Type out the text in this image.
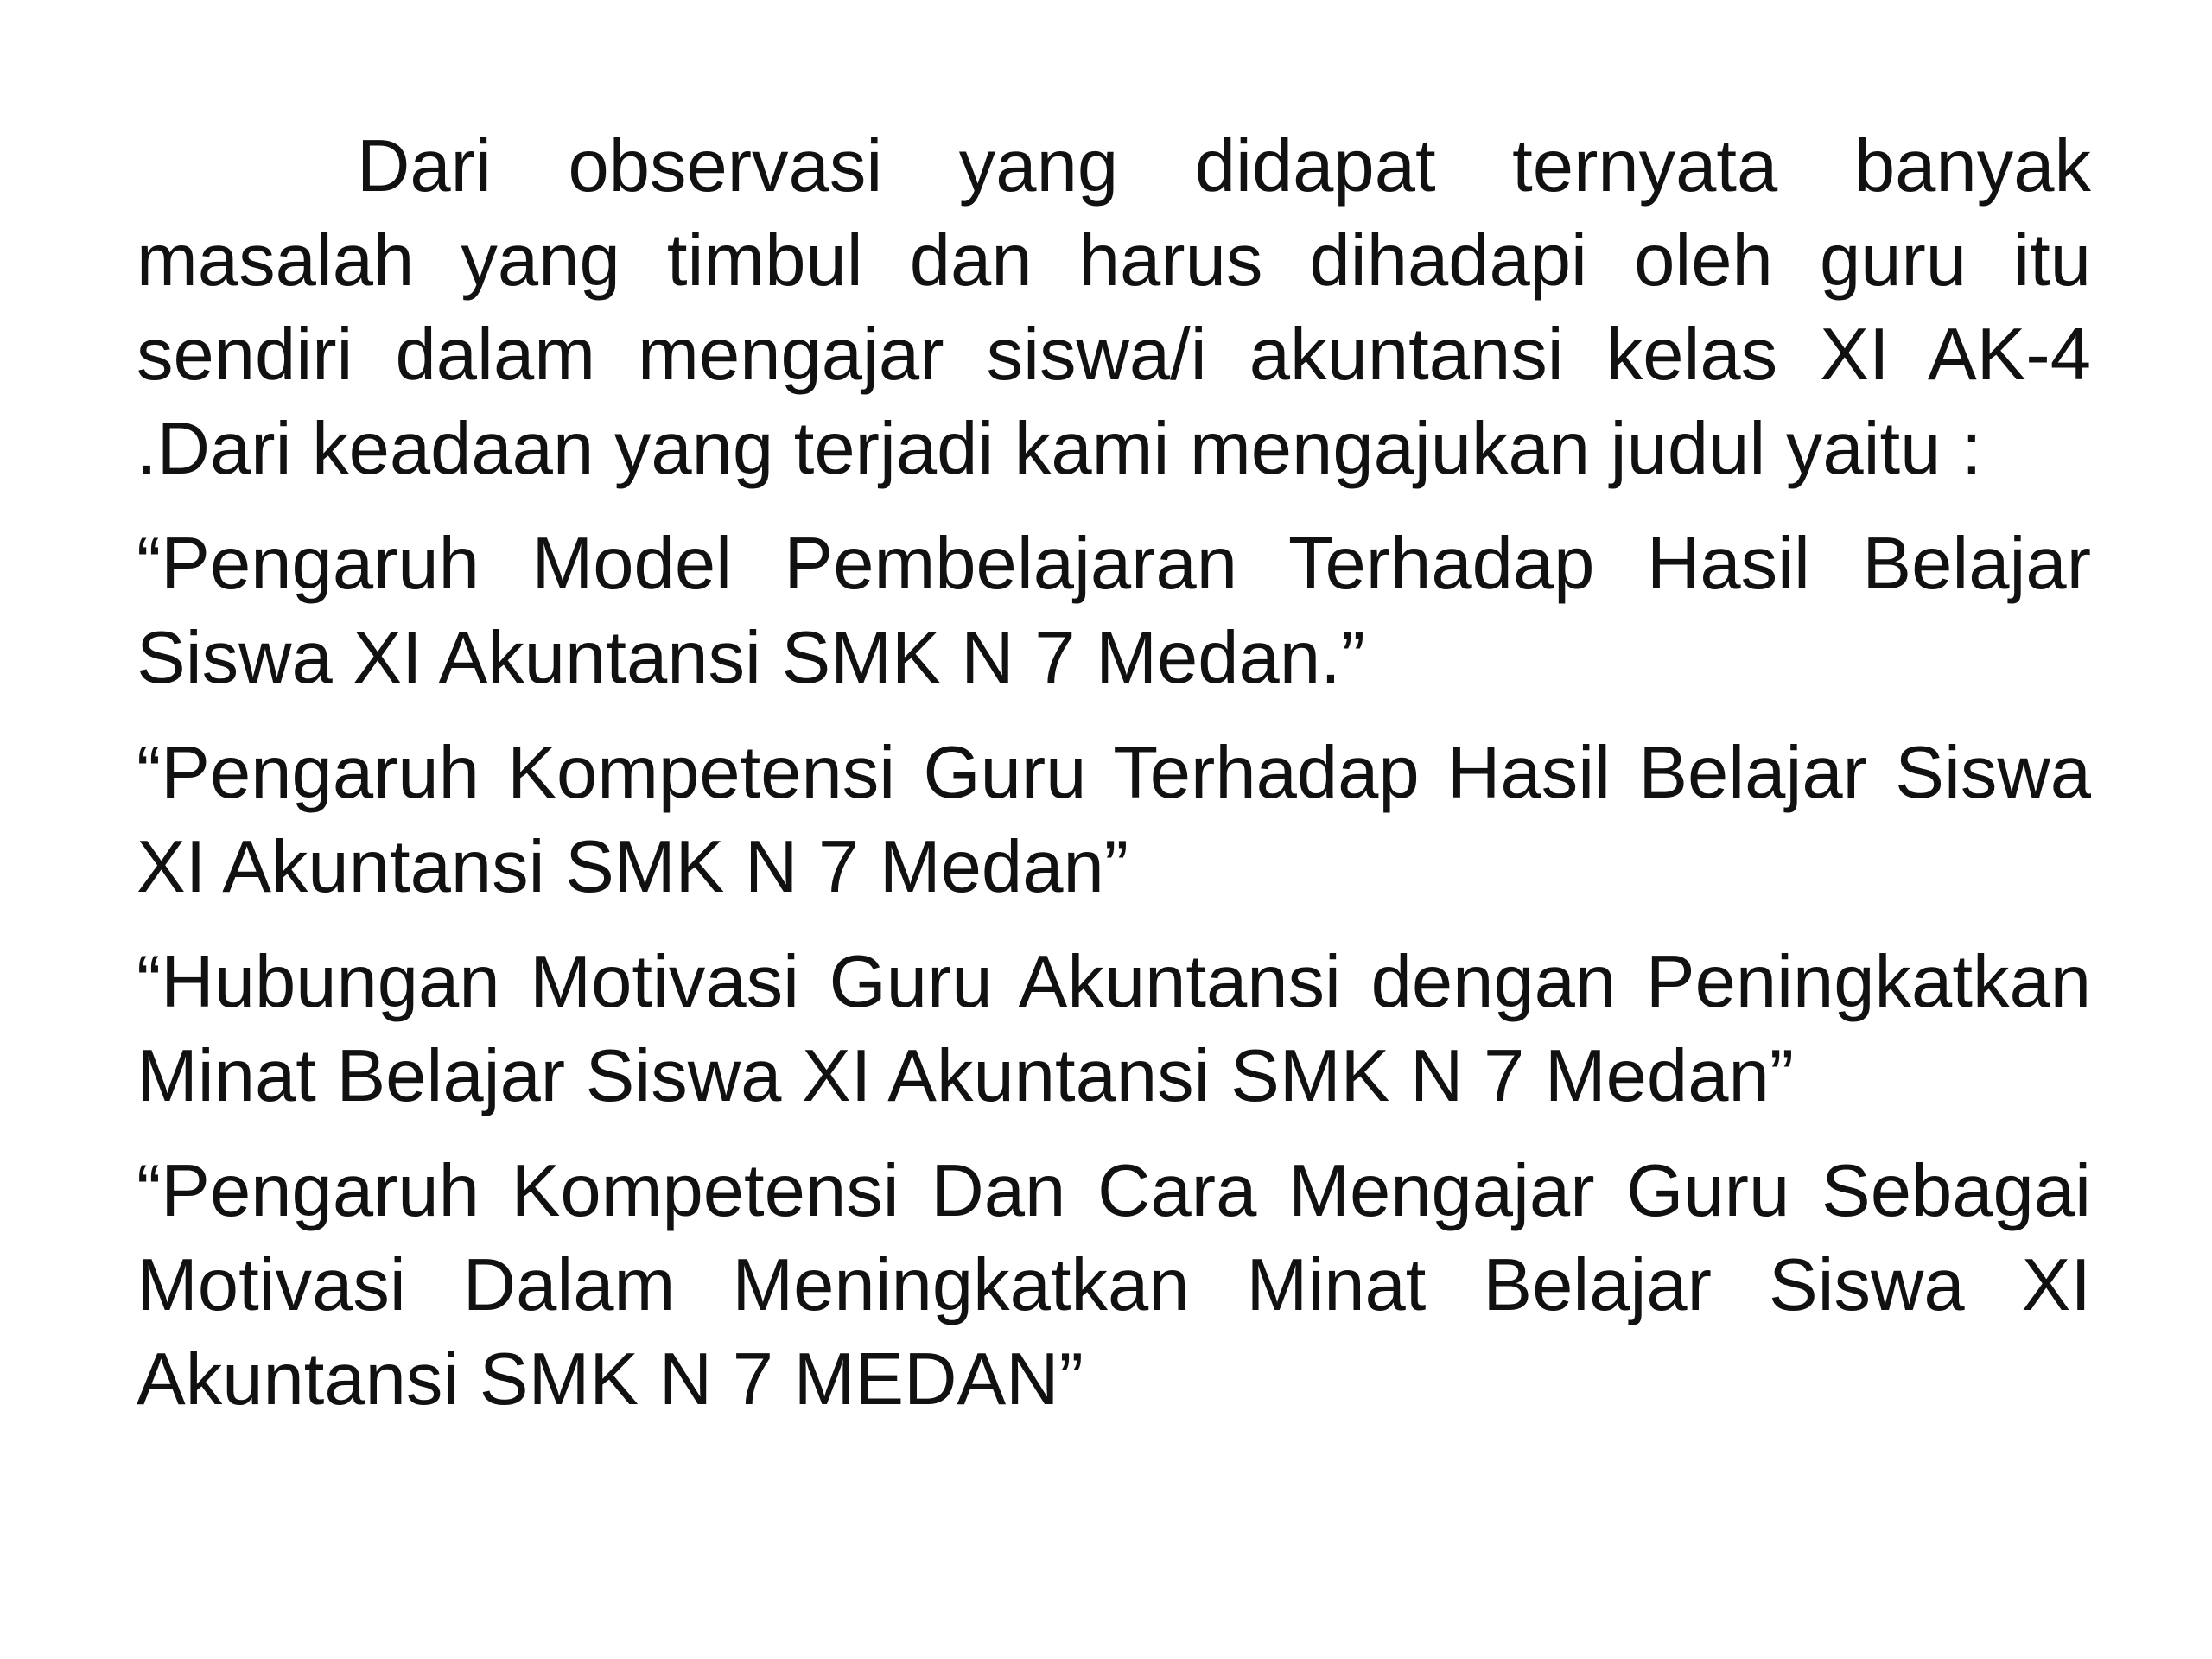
Dari observasi yang didapat ternyata banyak masalah yang timbul dan harus dihadapi oleh guru itu sendiri dalam mengajar siswa/i akuntansi kelas XI AK-4 .Dari keadaan yang terjadi kami mengajukan judul yaitu :

“Pengaruh Model Pembelajaran Terhadap Hasil Belajar Siswa XI Akuntansi SMK N 7 Medan.”

“Pengaruh Kompetensi Guru Terhadap Hasil Belajar Siswa XI Akuntansi SMK N 7 Medan”

“Hubungan Motivasi Guru Akuntansi dengan Peningkatkan Minat Belajar Siswa XI Akuntansi SMK N 7 Medan”

“Pengaruh Kompetensi Dan Cara Mengajar Guru Sebagai Motivasi Dalam Meningkatkan Minat Belajar Siswa XI Akuntansi SMK N 7 MEDAN”
